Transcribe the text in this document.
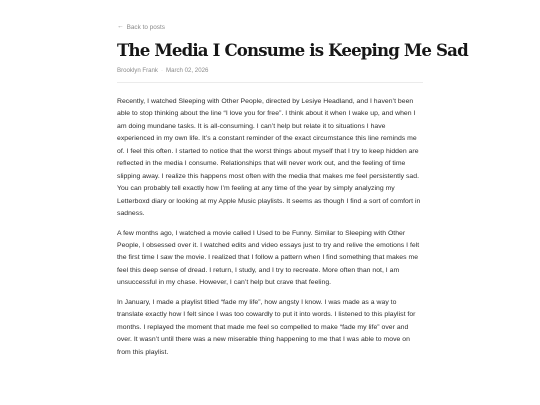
← Back to posts
The Media I Consume is Keeping Me Sad
Brooklyn Frank · March 02, 2026

Recently, I watched Sleeping with Other People, directed by Lesiye Headland, and I haven’t been able to stop thinking about the line “I love you for free”. I think about it when I wake up, and when I am doing mundane tasks. It is all-consuming. I can’t help but relate it to situations I have experienced in my own life. It’s a constant reminder of the exact circumstance this line reminds me of. I feel this often. I started to notice that the worst things about myself that I try to keep hidden are reflected in the media I consume. Relationships that will never work out, and the feeling of time slipping away. I realize this happens most often with the media that makes me feel persistently sad. You can probably tell exactly how I’m feeling at any time of the year by simply analyzing my Letterboxd diary or looking at my Apple Music playlists. It seems as though I find a sort of comfort in sadness.

A few months ago, I watched a movie called I Used to be Funny. Similar to Sleeping with Other People, I obsessed over it. I watched edits and video essays just to try and relive the emotions I felt the first time I saw the movie. I realized that I follow a pattern when I find something that makes me feel this deep sense of dread. I return, I study, and I try to recreate. More often than not, I am unsuccessful in my chase. However, I can’t help but crave that feeling.

In January, I made a playlist titled “fade my life”, how angsty I know. I was made as a way to translate exactly how I felt since I was too cowardly to put it into words. I listened to this playlist for months. I replayed the moment that made me feel so compelled to make “fade my life” over and over. It wasn’t until there was a new miserable thing happening to me that I was able to move on from this playlist.
